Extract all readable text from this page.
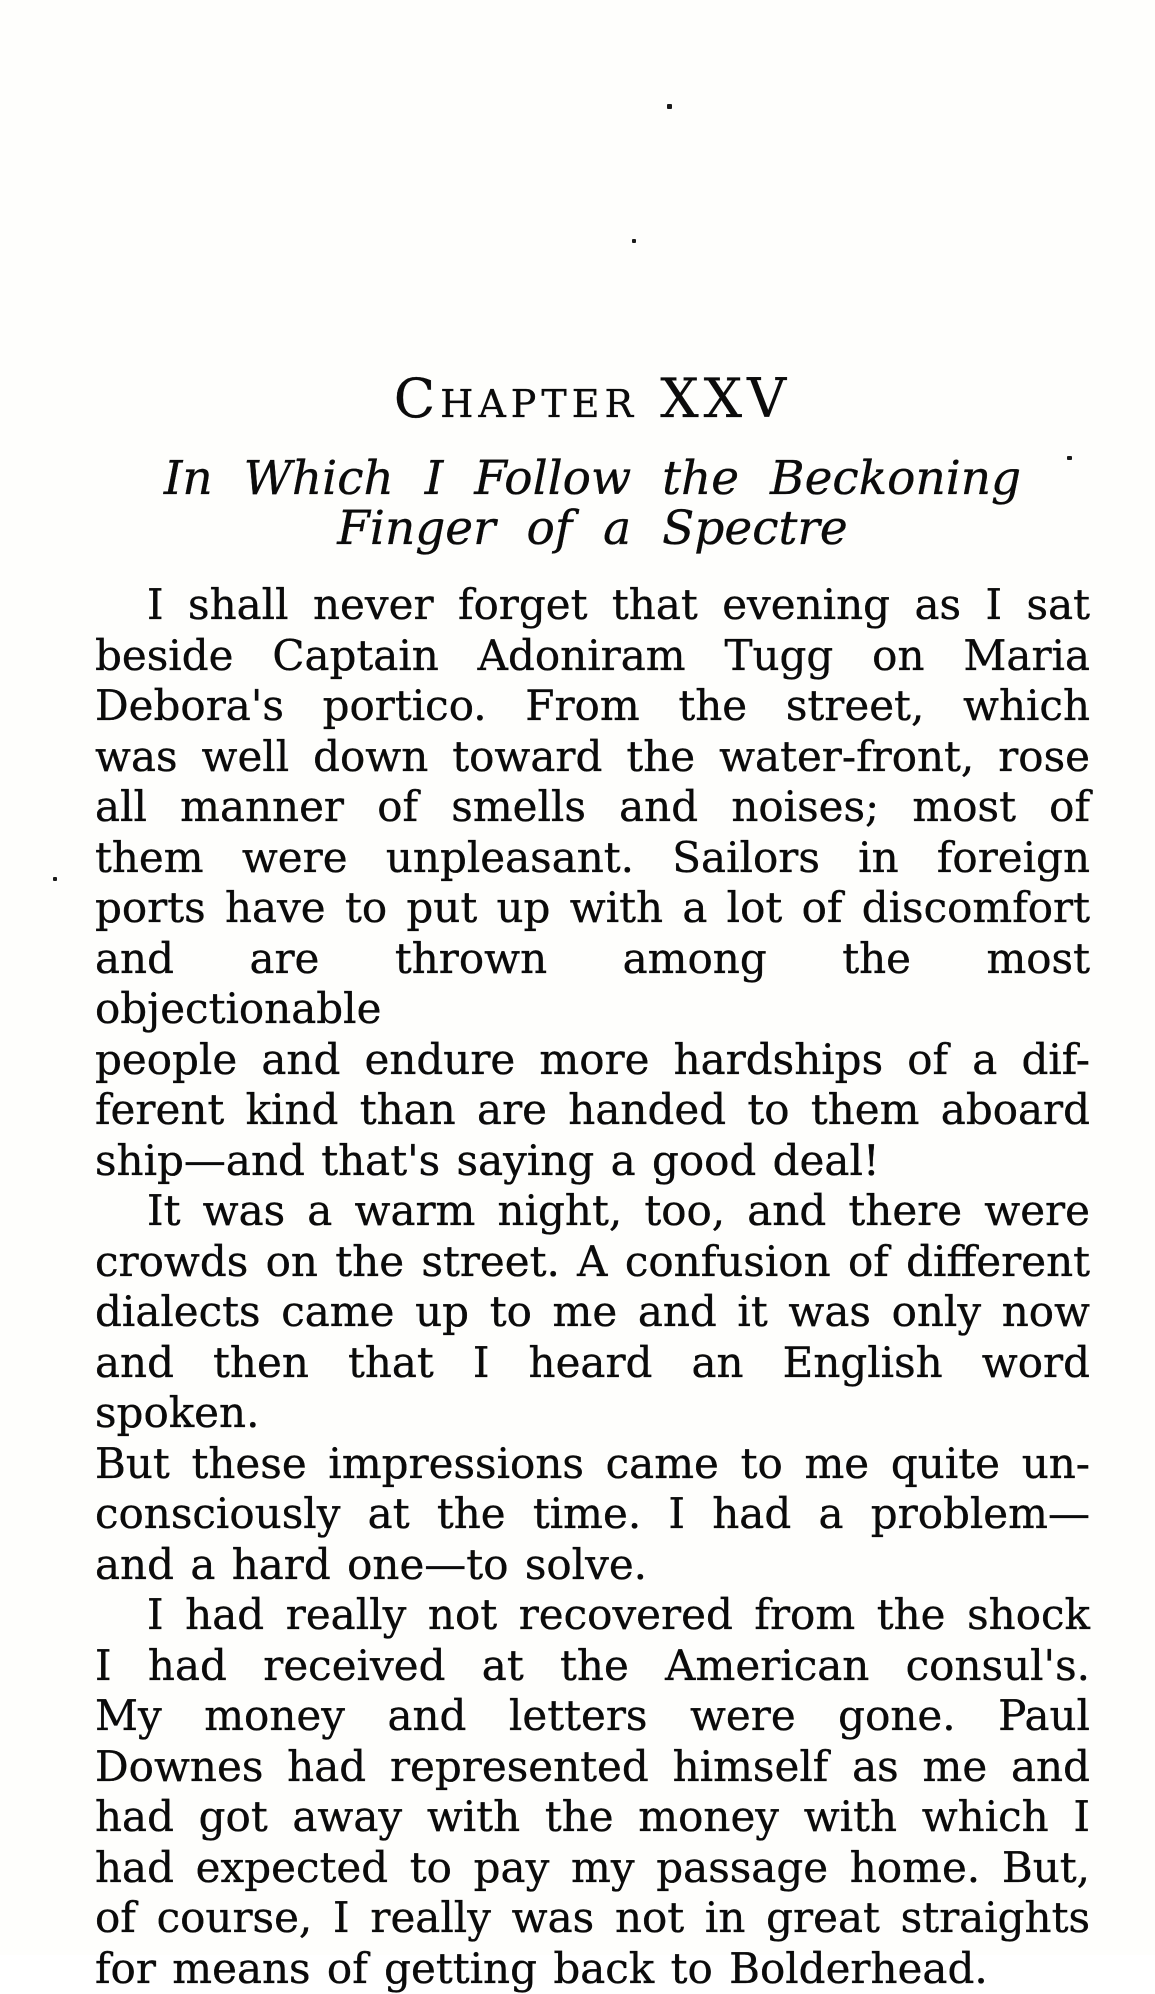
Chapter XXV
In Which I Follow the Beckoning
Finger of a Spectre
I shall never forget that evening as I sat
beside Captain Adoniram Tugg on Maria
Debora's portico. From the street, which
was well down toward the water-front, rose
all manner of smells and noises; most of
them were unpleasant. Sailors in foreign
ports have to put up with a lot of discomfort
and are thrown among the most objectionable
people and endure more hardships of a dif-
ferent kind than are handed to them aboard
ship—and that's saying a good deal!
It was a warm night, too, and there were
crowds on the street. A confusion of different
dialects came up to me and it was only now
and then that I heard an English word spoken.
But these impressions came to me quite un-
consciously at the time. I had a problem—
and a hard one—to solve.
I had really not recovered from the shock
I had received at the American consul's.
My money and letters were gone. Paul
Downes had represented himself as me and
had got away with the money with which I
had expected to pay my passage home. But,
of course, I really was not in great straights
for means of getting back to Bolderhead.
